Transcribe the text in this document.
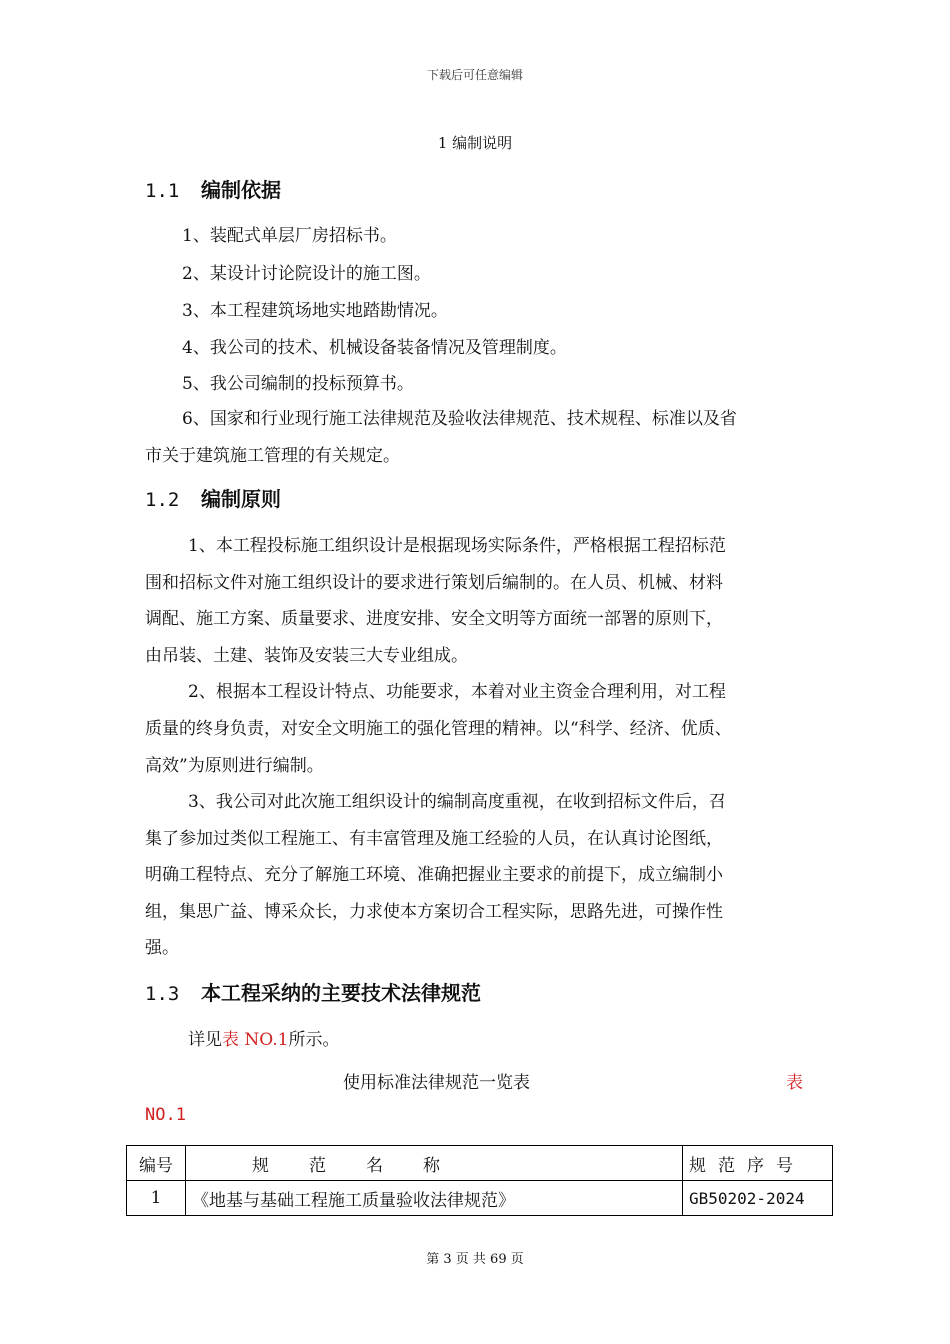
下载后可任意编辑
1 编制说明
1.1 编制依据
1、装配式单层厂房招标书。
2、某设计讨论院设计的施工图。
3、本工程建筑场地实地踏勘情况。
4、我公司的技术、机械设备装备情况及管理制度。
5、我公司编制的投标预算书。
6、国家和行业现行施工法律规范及验收法律规范、技术规程、标准以及省
市关于建筑施工管理的有关规定。
1.2 编制原则
1、本工程投标施工组织设计是根据现场实际条件，严格根据工程招标范
围和招标文件对施工组织设计的要求进行策划后编制的。在人员、机械、材料
调配、施工方案、质量要求、进度安排、安全文明等方面统一部署的原则下，
由吊装、土建、装饰及安装三大专业组成。
2、根据本工程设计特点、功能要求，本着对业主资金合理利用，对工程
质量的终身负责，对安全文明施工的强化管理的精神。以“科学、经济、优质、
高效”为原则进行编制。
3、我公司对此次施工组织设计的编制高度重视，在收到招标文件后，召
集了参加过类似工程施工、有丰富管理及施工经验的人员，在认真讨论图纸，
明确工程特点、充分了解施工环境、准确把握业主要求的前提下，成立编制小
组，集思广益、博采众长，力求使本方案切合工程实际，思路先进，可操作性
强。
1.3 本工程采纳的主要技术法律规范
详见表 NO.1所示。
使用标准法律规范一览表	表
NO.1
编号	规范名称	规范序号
1	《地基与基础工程施工质量验收法律规范》	GB50202-2024
第 3 页 共 69 页
